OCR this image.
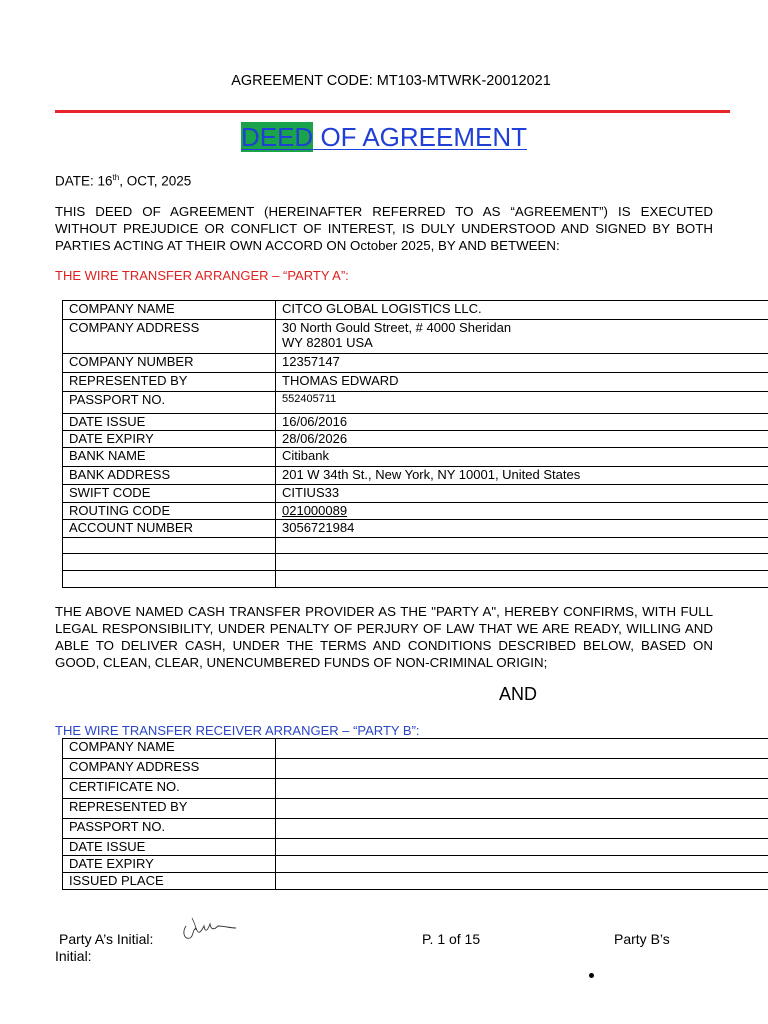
AGREEMENT CODE: MT103-MTWRK-20012021
DEED OF AGREEMENT
DATE: 16th, OCT, 2025
THIS DEED OF AGREEMENT (HEREINAFTER REFERRED TO AS “AGREEMENT”) IS EXECUTED WITHOUT PREJUDICE OR CONFLICT OF INTEREST, IS DULY UNDERSTOOD AND SIGNED BY BOTH PARTIES ACTING AT THEIR OWN ACCORD ON October 2025, BY AND BETWEEN:
THE WIRE TRANSFER ARRANGER – “PARTY A”:
COMPANY NAME	CITCO GLOBAL LOGISTICS LLC.
COMPANY ADDRESS	30 North Gould Street, # 4000 Sheridan
WY 82801 USA
COMPANY NUMBER	12357147
REPRESENTED BY	THOMAS EDWARD
PASSPORT NO.	552405711
DATE ISSUE	16/06/2016
DATE EXPIRY	28/06/2026
BANK NAME	Citibank
BANK ADDRESS	201 W 34th St., New York, NY 10001, United States
SWIFT CODE	CITIUS33
ROUTING CODE	021000089
ACCOUNT NUMBER	3056721984

THE ABOVE NAMED CASH TRANSFER PROVIDER AS THE "PARTY A", HEREBY CONFIRMS, WITH FULL LEGAL RESPONSIBILITY, UNDER PENALTY OF PERJURY OF LAW THAT WE ARE READY, WILLING AND ABLE TO DELIVER CASH, UNDER THE TERMS AND CONDITIONS DESCRIBED BELOW, BASED ON GOOD, CLEAN, CLEAR, UNENCUMBERED FUNDS OF NON-CRIMINAL ORIGIN;
AND
THE WIRE TRANSFER RECEIVER ARRANGER – “PARTY B”:
COMPANY NAME	
COMPANY ADDRESS	
CERTIFICATE NO.	
REPRESENTED BY	
PASSPORT NO.	
DATE ISSUE	
DATE EXPIRY	
ISSUED PLACE	
Party A’s Initial:
Initial:
P. 1 of 15	Party B’s
